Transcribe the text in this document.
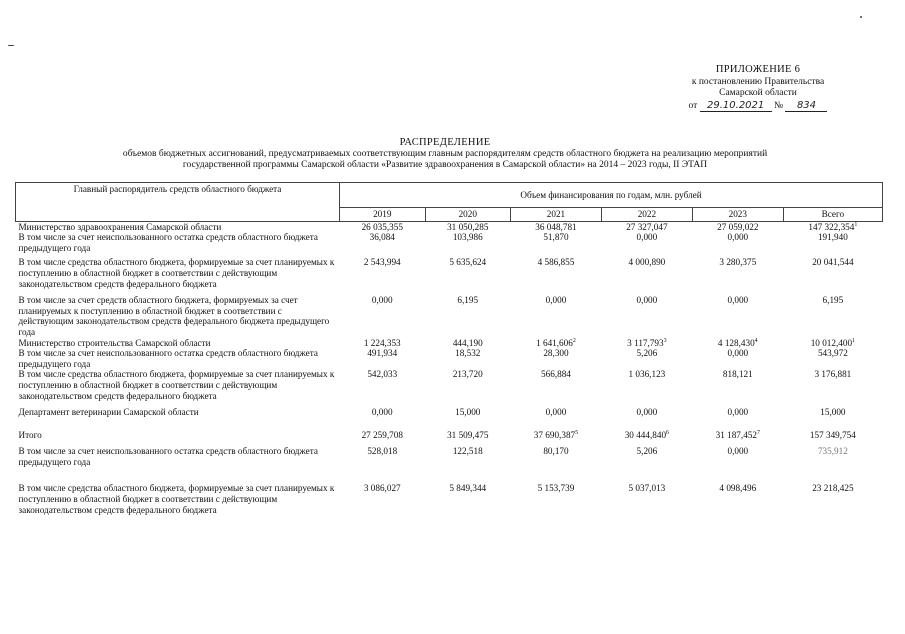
ПРИЛОЖЕНИЕ 6
к постановлению Правительства
Самарской области
от 29.10.2021 № 834
РАСПРЕДЕЛЕНИЕ
объемов бюджетных ассигнований, предусматриваемых соответствующим главным распорядителям средств областного бюджета на реализацию мероприятий
государственной программы Самарской области «Развитие здравоохранения в Самарской области» на 2014 – 2023 годы, II ЭТАП
Главный распорядитель средств областного бюджета	Объем финансирования по годам, млн. рублей					
	2019	2020	2021	2022	2023	Всего
Министерство здравоохранения Самарской области	26 035,355	31 050,285	36 048,781	27 327,047	27 059,022	147 322,354$^1$
В том числе за счет неиспользованного остатка средств областного бюджета предыдущего года	36,084	103,986	51,870	0,000	0,000	191,940

В том числе средства областного бюджета, формируемые за счет планируемых к поступлению в областной бюджет в соответствии с действующим законодательством средств федерального бюджета	2 543,994	5 635,624	4 586,855	4 000,890	3 280,375	20 041,544

В том числе за счет средств областного бюджета, формируемых за счет планируемых к поступлению в областной бюджет в соответствии с действующим законодательством средств федерального бюджета предыдущего года	0,000	6,195	0,000	0,000	0,000	6,195
Министерство строительства Самарской области	1 224,353	444,190	1 641,606$^2$	3 117,793$^3$	4 128,430$^4$	10 012,400$^1$
В том числе за счет неиспользованного остатка средств областного бюджета предыдущего года	491,934	18,532	28,300	5,206	0,000	543,972
В том числе средства областного бюджета, формируемые за счет планируемых к поступлению в областной бюджет в соответствии с действующим законодательством средств федерального бюджета	542,033	213,720	566,884	1 036,123	818,121	3 176,881

Департамент ветеринарии Самарской области	0,000	15,000	0,000	0,000	0,000	15,000

Итого	27 259,708	31 509,475	37 690,387$^5$	30 444,840$^6$	31 187,452$^7$	157 349,754

В том числе за счет неиспользованного остатка средств областного бюджета предыдущего года	528,018	122,518	80,170	5,206	0,000	735,912

В том числе средства областного бюджета, формируемые за счет планируемых к поступлению в областной бюджет в соответствии с действующим законодательством средств федерального бюджета	3 086,027	5 849,344	5 153,739	5 037,013	4 098,496	23 218,425
